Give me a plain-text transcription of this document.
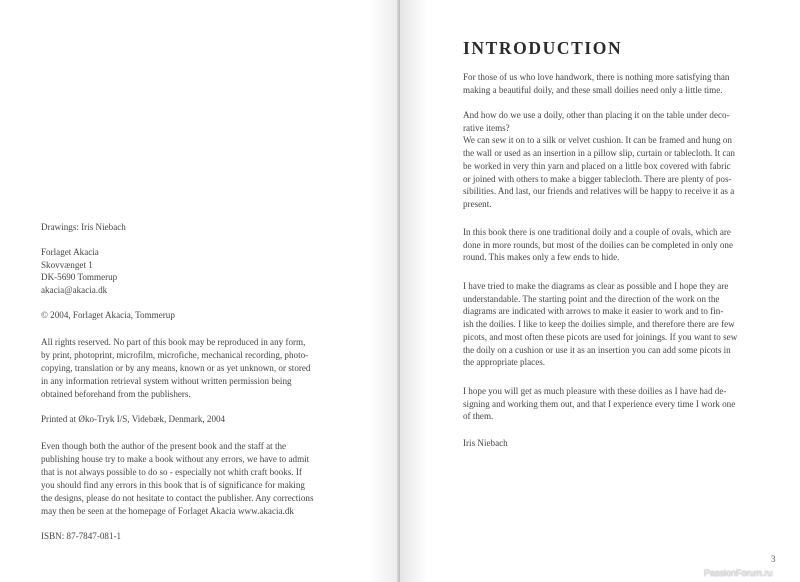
Drawings: Iris Niebach

Forlaget Akacia

Skovvænget 1

DK-5690 Tommerup

akacia@akacia.dk

© 2004, Forlaget Akacia, Tommerup

All rights reserved. No part of this book may be reproduced in any form,

by print, photoprint, microfilm, microfiche, mechanical recording, photo-

copying, translation or by any means, known or as yet unknown, or stored

in any information retrieval system without written permission being

obtained beforehand from the publishers.

Printed at Øko-Tryk I/S, Videbæk, Denmark, 2004

Even though both the author of the present book and the staff at the

publishing house try to make a book without any errors, we have to admit

that is not always possible to do so - especially not whith craft books. If

you should find any errors in this book that is of significance for making

the designs, please do not hesitate to contact the publisher. Any corrections

may then be seen at the homepage of Forlaget Akacia www.akacia.dk

ISBN: 87-7847-081-1

INTRODUCTION

For those of us who love handwork, there is nothing more satisfying than

making a beautiful doily, and these small doilies need only a little time.

And how do we use a doily, other than placing it on the table under deco-

rative items?

We can sew it on to a silk or velvet cushion. It can be framed and hung on

the wall or used as an insertion in a pillow slip, curtain or tablecloth. It can

be worked in very thin yarn and placed on a little box covered with fabric

or joined with others to make a bigger tablecloth. There are plenty of pos-

sibilities. And last, our friends and relatives will be happy to receive it as a

present.

In this book there is one traditional doily and a couple of ovals, which are

done in more rounds, but most of the doilies can be completed in only one

round. This makes only a few ends to hide.

I have tried to make the diagrams as clear as possible and I hope they are

understandable. The starting point and the direction of the work on the

diagrams are indicated with arrows to make it easier to work and to fin-

ish the doilies. I like to keep the doilies simple, and therefore there are few

picots, and most often these picots are used for joinings. If you want to sew

the doily on a cushion or use it as an insertion you can add some picots in

the appropriate places.

I hope you will get as much pleasure with these doilies as I have had de-

signing and working them out, and that I experience every time I work one

of them.

Iris Niebach

3
PassionForum.ru
